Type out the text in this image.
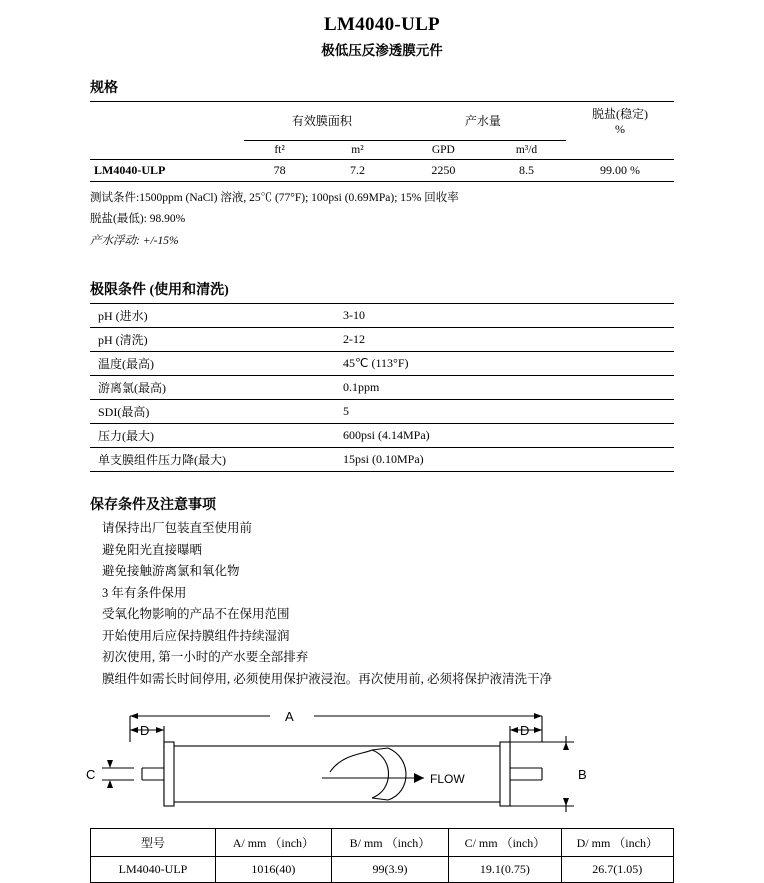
LM4040-ULP
极低压反渗透膜元件
规格
	有效膜面积		产水量		脱盐(稳定)
%
	ft²	m²	GPD	m³/d	
LM4040-ULP	78	7.2	2250	8.5	99.00 %
测试条件:1500ppm (NaCl) 溶液, 25℃ (77°F); 100psi (0.69MPa); 15% 回收率
脱盐(最低): 98.90%
产水浮动: +/-15%
极限条件 (使用和清洗)
pH (进水)	3-10
pH (清洗)	2-12
温度(最高)	45℃ (113°F)
游离氯(最高)	0.1ppm
SDI(最高)	5
压力(最大)	600psi (4.14MPa)
单支膜组件压力降(最大)	15psi (0.10MPa)
保存条件及注意事项
请保持出厂包装直至使用前
避免阳光直接曝晒
避免接触游离氯和氧化物
3 年有条件保用
受氧化物影响的产品不在保用范围
开始使用后应保持膜组件持续湿润
初次使用, 第一小时的产水要全部排弃
膜组件如需长时间停用, 必须使用保护液浸泡。再次使用前, 必须将保护液清洗干净
A
D	D
C	B
FLOW
型号	A/ mm （inch）	B/ mm （inch）	C/ mm （inch）	D/ mm （inch）
LM4040-ULP	1016(40)	99(3.9)	19.1(0.75)	26.7(1.05)
